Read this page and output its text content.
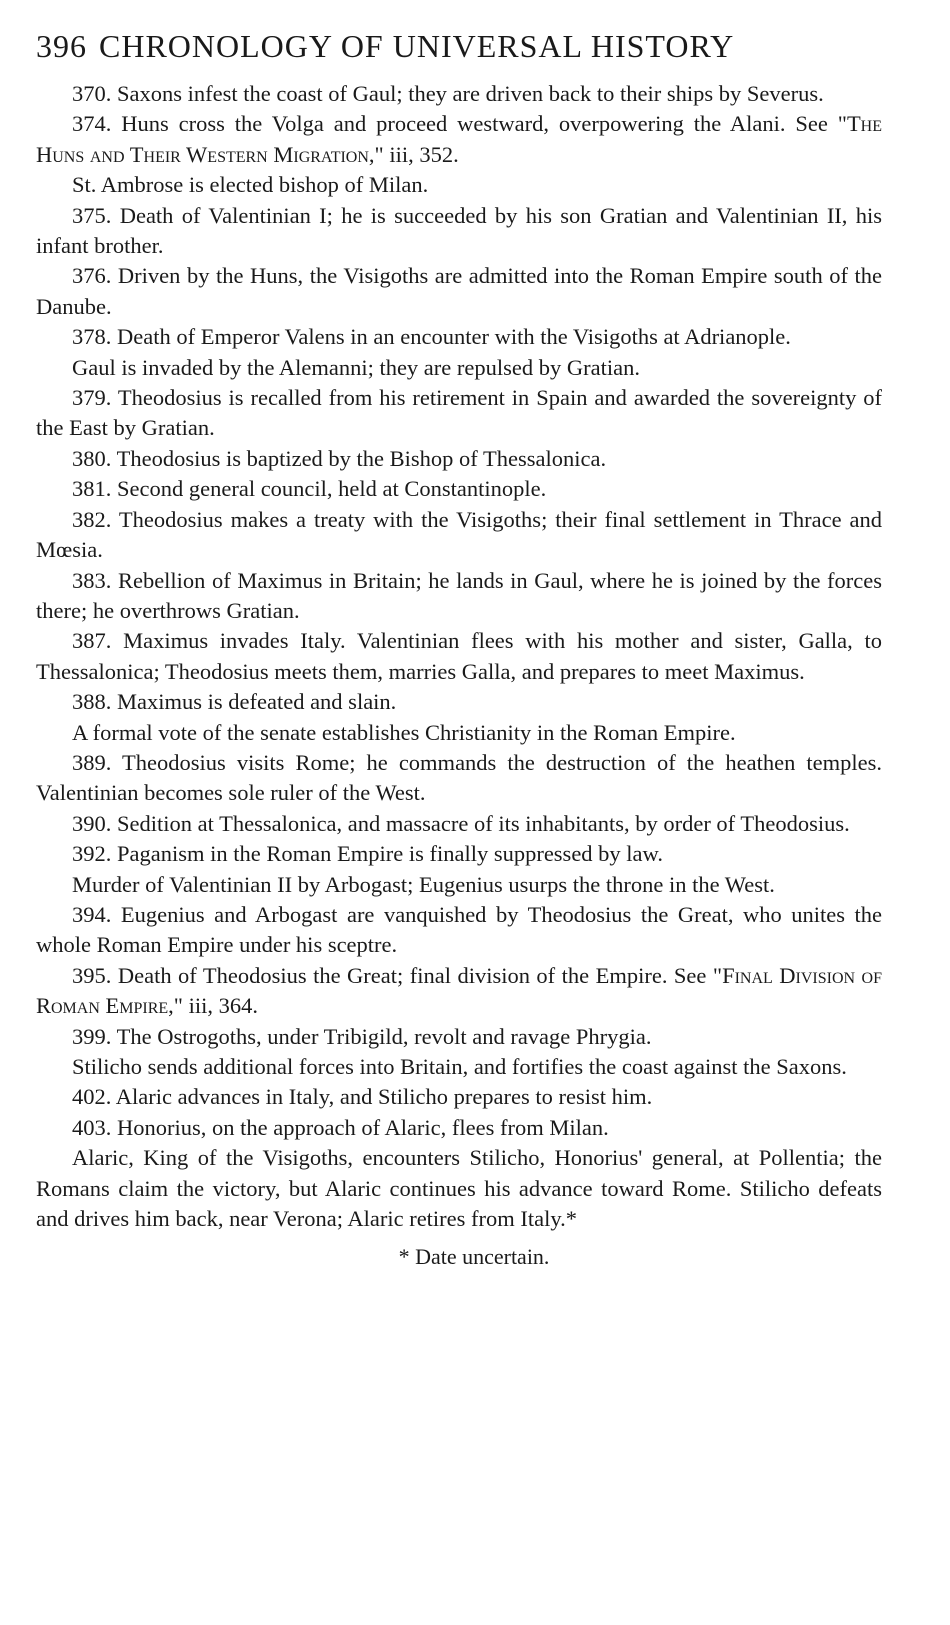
396 CHRONOLOGY OF UNIVERSAL HISTORY

370. Saxons infest the coast of Gaul; they are driven back to their ships by Severus.

374. Huns cross the Volga and proceed westward, overpowering the Alani. See "The Huns and Their Western Migration," iii, 352.

St. Ambrose is elected bishop of Milan.

375. Death of Valentinian I; he is succeeded by his son Gratian and Valentinian II, his infant brother.

376. Driven by the Huns, the Visigoths are admitted into the Roman Empire south of the Danube.

378. Death of Emperor Valens in an encounter with the Visigoths at Adrianople.

Gaul is invaded by the Alemanni; they are repulsed by Gratian.

379. Theodosius is recalled from his retirement in Spain and awarded the sovereignty of the East by Gratian.

380. Theodosius is baptized by the Bishop of Thessalonica.

381. Second general council, held at Constantinople.

382. Theodosius makes a treaty with the Visigoths; their final settlement in Thrace and Mœsia.

383. Rebellion of Maximus in Britain; he lands in Gaul, where he is joined by the forces there; he overthrows Gratian.

387. Maximus invades Italy. Valentinian flees with his mother and sister, Galla, to Thessalonica; Theodosius meets them, marries Galla, and prepares to meet Maximus.

388. Maximus is defeated and slain.

A formal vote of the senate establishes Christianity in the Roman Empire.

389. Theodosius visits Rome; he commands the destruction of the heathen temples. Valentinian becomes sole ruler of the West.

390. Sedition at Thessalonica, and massacre of its inhabitants, by order of Theodosius.

392. Paganism in the Roman Empire is finally suppressed by law.

Murder of Valentinian II by Arbogast; Eugenius usurps the throne in the West.

394. Eugenius and Arbogast are vanquished by Theodosius the Great, who unites the whole Roman Empire under his sceptre.

395. Death of Theodosius the Great; final division of the Empire. See "Final Division of Roman Empire," iii, 364.

399. The Ostrogoths, under Tribigild, revolt and ravage Phrygia.

Stilicho sends additional forces into Britain, and fortifies the coast against the Saxons.

402. Alaric advances in Italy, and Stilicho prepares to resist him.

403. Honorius, on the approach of Alaric, flees from Milan.

Alaric, King of the Visigoths, encounters Stilicho, Honorius' general, at Pollentia; the Romans claim the victory, but Alaric continues his advance toward Rome. Stilicho defeats and drives him back, near Verona; Alaric retires from Italy.*

* Date uncertain.
